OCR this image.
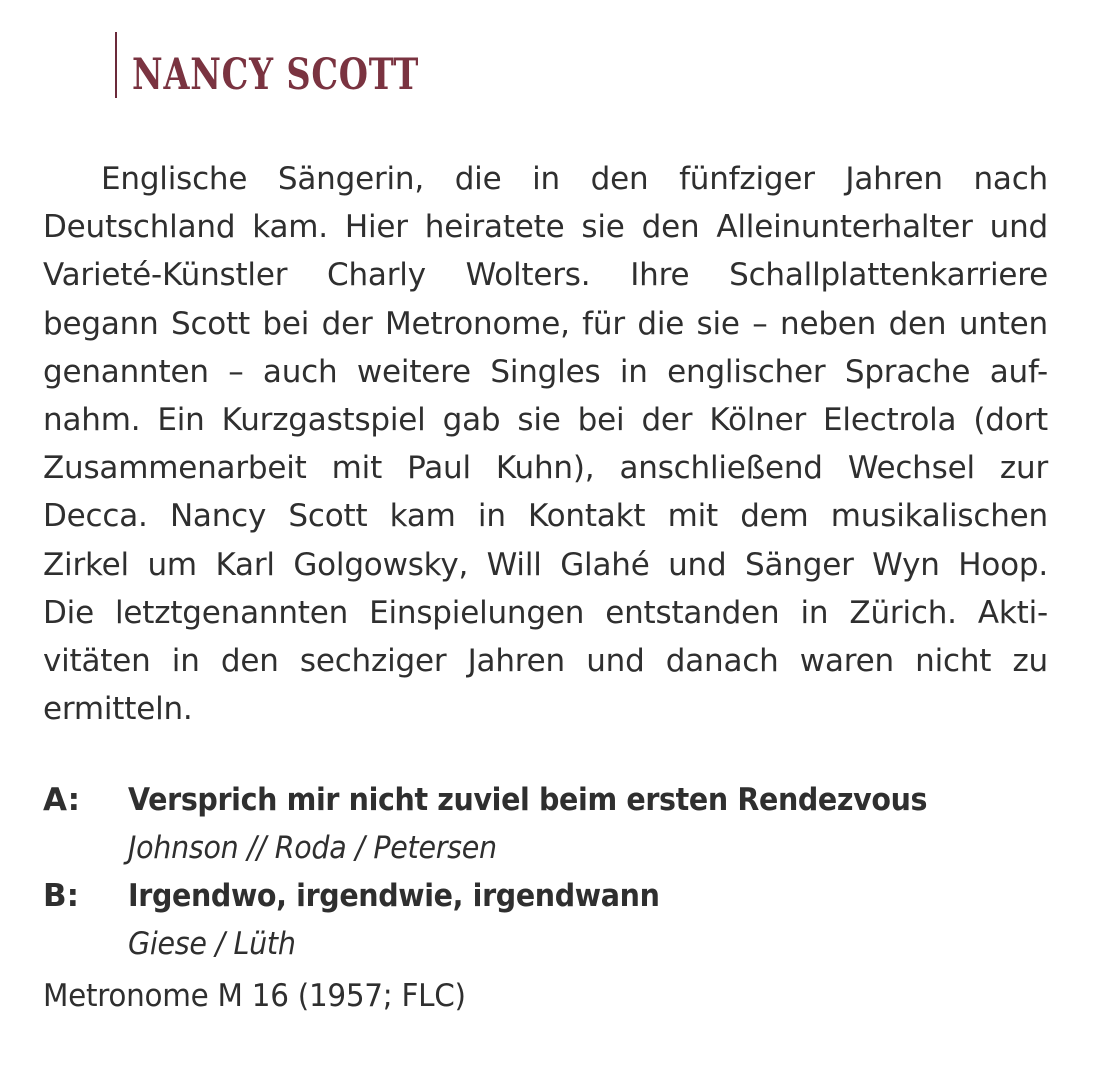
NANCY SCOTT
Englische Sängerin, die in den fünfziger Jahren nach
Deutschland kam. Hier heiratete sie den Alleinunterhalter und
Varieté-Künstler Charly Wolters. Ihre Schallplattenkarriere
begann Scott bei der Metronome, für die sie – neben den unten
genannten – auch weitere Singles in englischer Sprache auf-
nahm. Ein Kurzgastspiel gab sie bei der Kölner Electrola (dort
Zusammenarbeit mit Paul Kuhn), anschließend Wechsel zur
Decca. Nancy Scott kam in Kontakt mit dem musikalischen
Zirkel um Karl Golgowsky, Will Glahé und Sänger Wyn Hoop.
Die letztgenannten Einspielungen entstanden in Zürich. Akti-
vitäten in den sechziger Jahren und danach waren nicht zu
ermitteln.
A: Versprich mir nicht zuviel beim ersten Rendezvous
Johnson // Roda / Petersen
B: Irgendwo, irgendwie, irgendwann
Giese / Lüth
Metronome M 16 (1957; FLC)
